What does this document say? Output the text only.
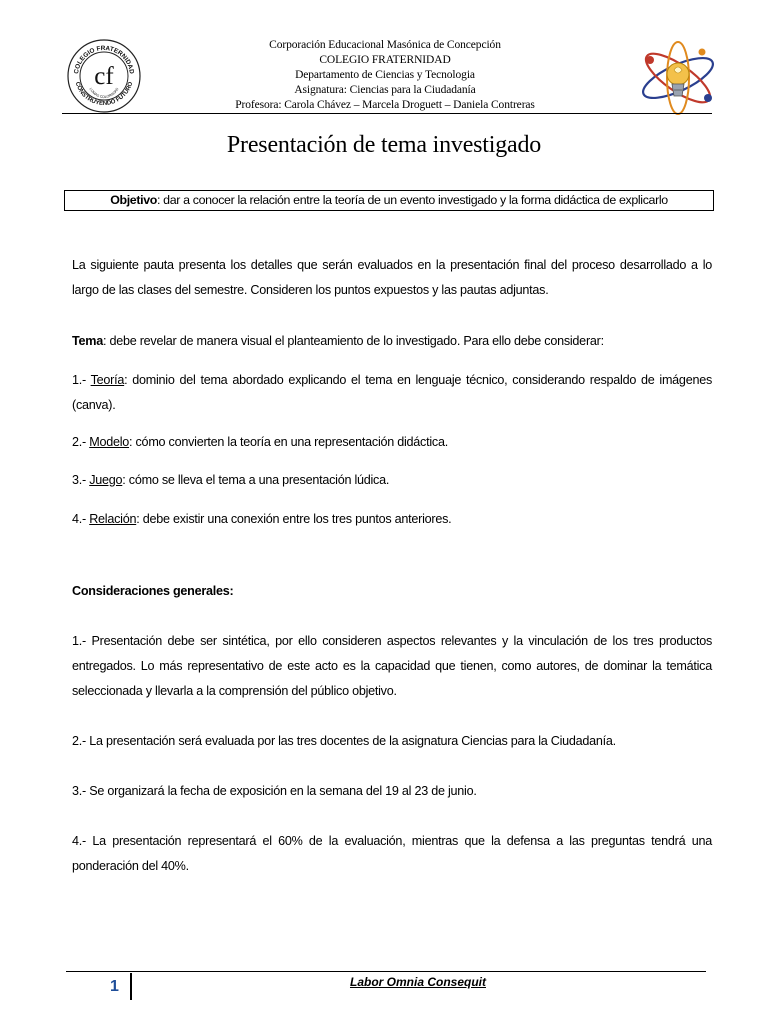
COLEGIO FRATERNIDAD
CONSTRUYENDO FUTURO
LOMAS COLORADAS
cf
Corporación Educacional Masónica de Concepción
COLEGIO FRATERNIDAD
Departamento de Ciencias y Tecnologia
Asignatura: Ciencias para la Ciudadanía
Profesora: Carola Chávez – Marcela Droguett – Daniela Contreras
Presentación de tema investigado
Objetivo: dar a conocer la relación entre la teoría de un evento investigado y la forma didáctica de explicarlo
La siguiente pauta presenta los detalles que serán evaluados en la presentación final del proceso desarrollado a lo largo de las clases del semestre. Consideren los puntos expuestos y las pautas adjuntas.
Tema: debe revelar de manera visual el planteamiento de lo investigado. Para ello debe considerar:
1.- Teoría: dominio del tema abordado explicando el tema en lenguaje técnico, considerando respaldo de imágenes (canva).
2.- Modelo: cómo convierten la teoría en una representación didáctica.
3.- Juego: cómo se lleva el tema a una presentación lúdica.
4.- Relación: debe existir una conexión entre los tres puntos anteriores.
Consideraciones generales:
1.- Presentación debe ser sintética, por ello consideren aspectos relevantes y la vinculación de los tres productos entregados. Lo más representativo de este acto es la capacidad que tienen, como autores, de dominar la temática seleccionada y llevarla a la comprensión del público objetivo.
2.- La presentación será evaluada por las tres docentes de la asignatura Ciencias para la Ciudadanía.
3.- Se organizará la fecha de exposición en la semana del 19 al 23 de junio.
4.- La presentación representará el 60% de la evaluación, mientras que la defensa a las preguntas tendrá una ponderación del 40%.
1	Labor Omnia Consequit
